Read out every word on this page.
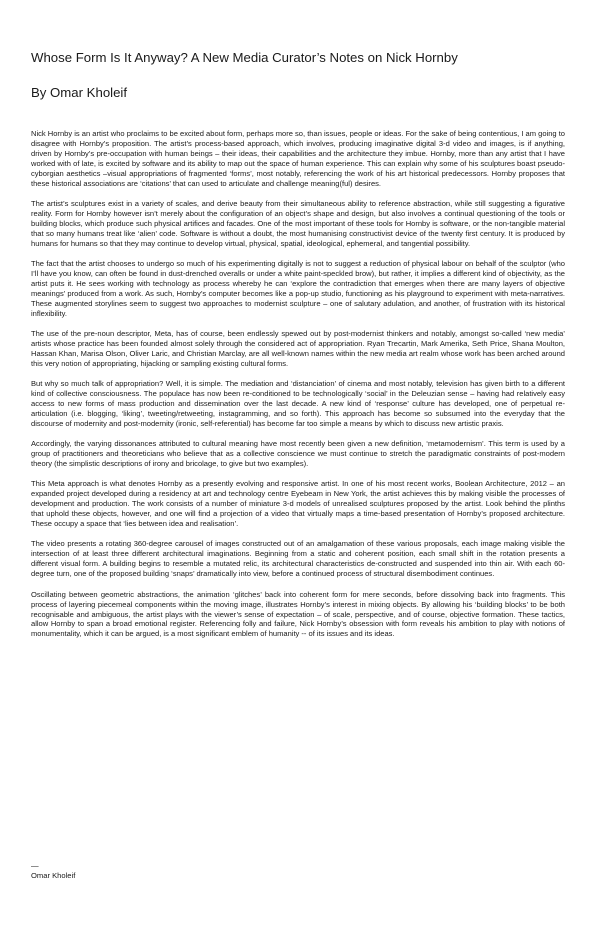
Whose Form Is It Anyway? A New Media Curator’s Notes on Nick Hornby
By Omar Kholeif

Nick Hornby is an artist who proclaims to be excited about form, perhaps more so, than issues, people or ideas. For the sake of being contentious, I am going to disagree with Hornby’s proposition. The artist’s process-based approach, which involves, producing imaginative digital 3-d video and images, is if anything, driven by Hornby’s pre-occupation with human beings – their ideas, their capabilities and the architecture they imbue. Hornby, more than any artist that I have worked with of late, is excited by software and its ability to map out the space of human experience. This can explain why some of his sculptures boast pseudo-cyborgian aesthetics –visual appropriations of fragmented ‘forms’, most notably, referencing the work of his art historical predecessors. Hornby proposes that these historical associations are ‘citations’ that can used to articulate and challenge meaning(ful) desires.

The artist’s sculptures exist in a variety of scales, and derive beauty from their simultaneous ability to reference abstraction, while still suggesting a figurative reality. Form for Hornby however isn’t merely about the configuration of an object’s shape and design, but also involves a continual questioning of the tools or building blocks, which produce such physical artifices and facades. One of the most important of these tools for Hornby is software, or the non-tangible material that so many humans treat like ‘alien’ code. Software is without a doubt, the most humanising constructivist device of the twenty first century. It is produced by humans for humans so that they may continue to develop virtual, physical, spatial, ideological, ephemeral, and tangential possibility.

The fact that the artist chooses to undergo so much of his experimenting digitally is not to suggest a reduction of physical labour on behalf of the sculptor (who I’ll have you know, can often be found in dust-drenched overalls or under a white paint-speckled brow), but rather, it implies a different kind of objectivity, as the artist puts it. He sees working with technology as process whereby he can ‘explore the contradiction that emerges when there are many layers of objective meanings’ produced from a work. As such, Hornby’s computer becomes like a pop-up studio, functioning as his playground to experiment with meta-narratives. These augmented storylines seem to suggest two approaches to modernist sculpture – one of salutary adulation, and another, of frustration with its historical inflexibility.

The use of the pre-noun descriptor, Meta, has of course, been endlessly spewed out by post-modernist thinkers and notably, amongst so-called ‘new media’ artists whose practice has been founded almost solely through the considered act of appropriation. Ryan Trecartin, Mark Amerika, Seth Price, Shana Moulton, Hassan Khan, Marisa Olson, Oliver Laric, and Christian Marclay, are all well-known names within the new media art realm whose work has been arched around this very notion of appropriating, hijacking or sampling existing cultural forms.

But why so much talk of appropriation? Well, it is simple. The mediation and ‘distanciation’ of cinema and most notably, television has given birth to a different kind of collective consciousness. The populace has now been re-conditioned to be technologically ‘social’ in the Deleuzian sense – having had relatively easy access to new forms of mass production and dissemination over the last decade. A new kind of ‘response’ culture has developed, one of perpetual re-articulation (i.e. blogging, ‘liking’, tweeting/retweeting, instagramming, and so forth). This approach has become so subsumed into the everyday that the discourse of modernity and post-modernity (ironic, self-referential) has become far too simple a means by which to discuss new artistic praxis.

Accordingly, the varying dissonances attributed to cultural meaning have most recently been given a new definition, ‘metamodernism’. This term is used by a group of practitioners and theoreticians who believe that as a collective conscience we must continue to stretch the paradigmatic constraints of post-modern theory (the simplistic descriptions of irony and bricolage, to give but two examples).

This Meta approach is what denotes Hornby as a presently evolving and responsive artist. In one of his most recent works, Boolean Architecture, 2012 – an expanded project developed during a residency at art and technology centre Eyebeam in New York, the artist achieves this by making visible the processes of development and production. The work consists of a number of miniature 3-d models of unrealised sculptures proposed by the artist. Look behind the plinths that uphold these objects, however, and one will find a projection of a video that virtually maps a time-based presentation of Hornby’s proposed architecture. These occupy a space that ‘lies between idea and realisation’.

The video presents a rotating 360-degree carousel of images constructed out of an amalgamation of these various proposals, each image making visible the intersection of at least three different architectural imaginations. Beginning from a static and coherent position, each small shift in the rotation presents a different visual form. A building begins to resemble a mutated relic, its architectural characteristics de-constructed and suspended into thin air. With each 60-degree turn, one of the proposed building ‘snaps’ dramatically into view, before a continued process of structural disembodiment continues.

Oscillating between geometric abstractions, the animation ‘glitches’ back into coherent form for mere seconds, before dissolving back into fragments. This process of layering piecemeal components within the moving image, illustrates Hornby’s interest in mixing objects. By allowing his ‘building blocks’ to be both recognisable and ambiguous, the artist plays with the viewer’s sense of expectation – of scale, perspective, and of course, objective formation. These tactics, allow Hornby to span a broad emotional register. Referencing folly and failure, Nick Hornby’s obsession with form reveals his ambition to play with notions of monumentality, which it can be argued, is a most significant emblem of humanity -- of its issues and its ideas.

—
Omar Kholeif
